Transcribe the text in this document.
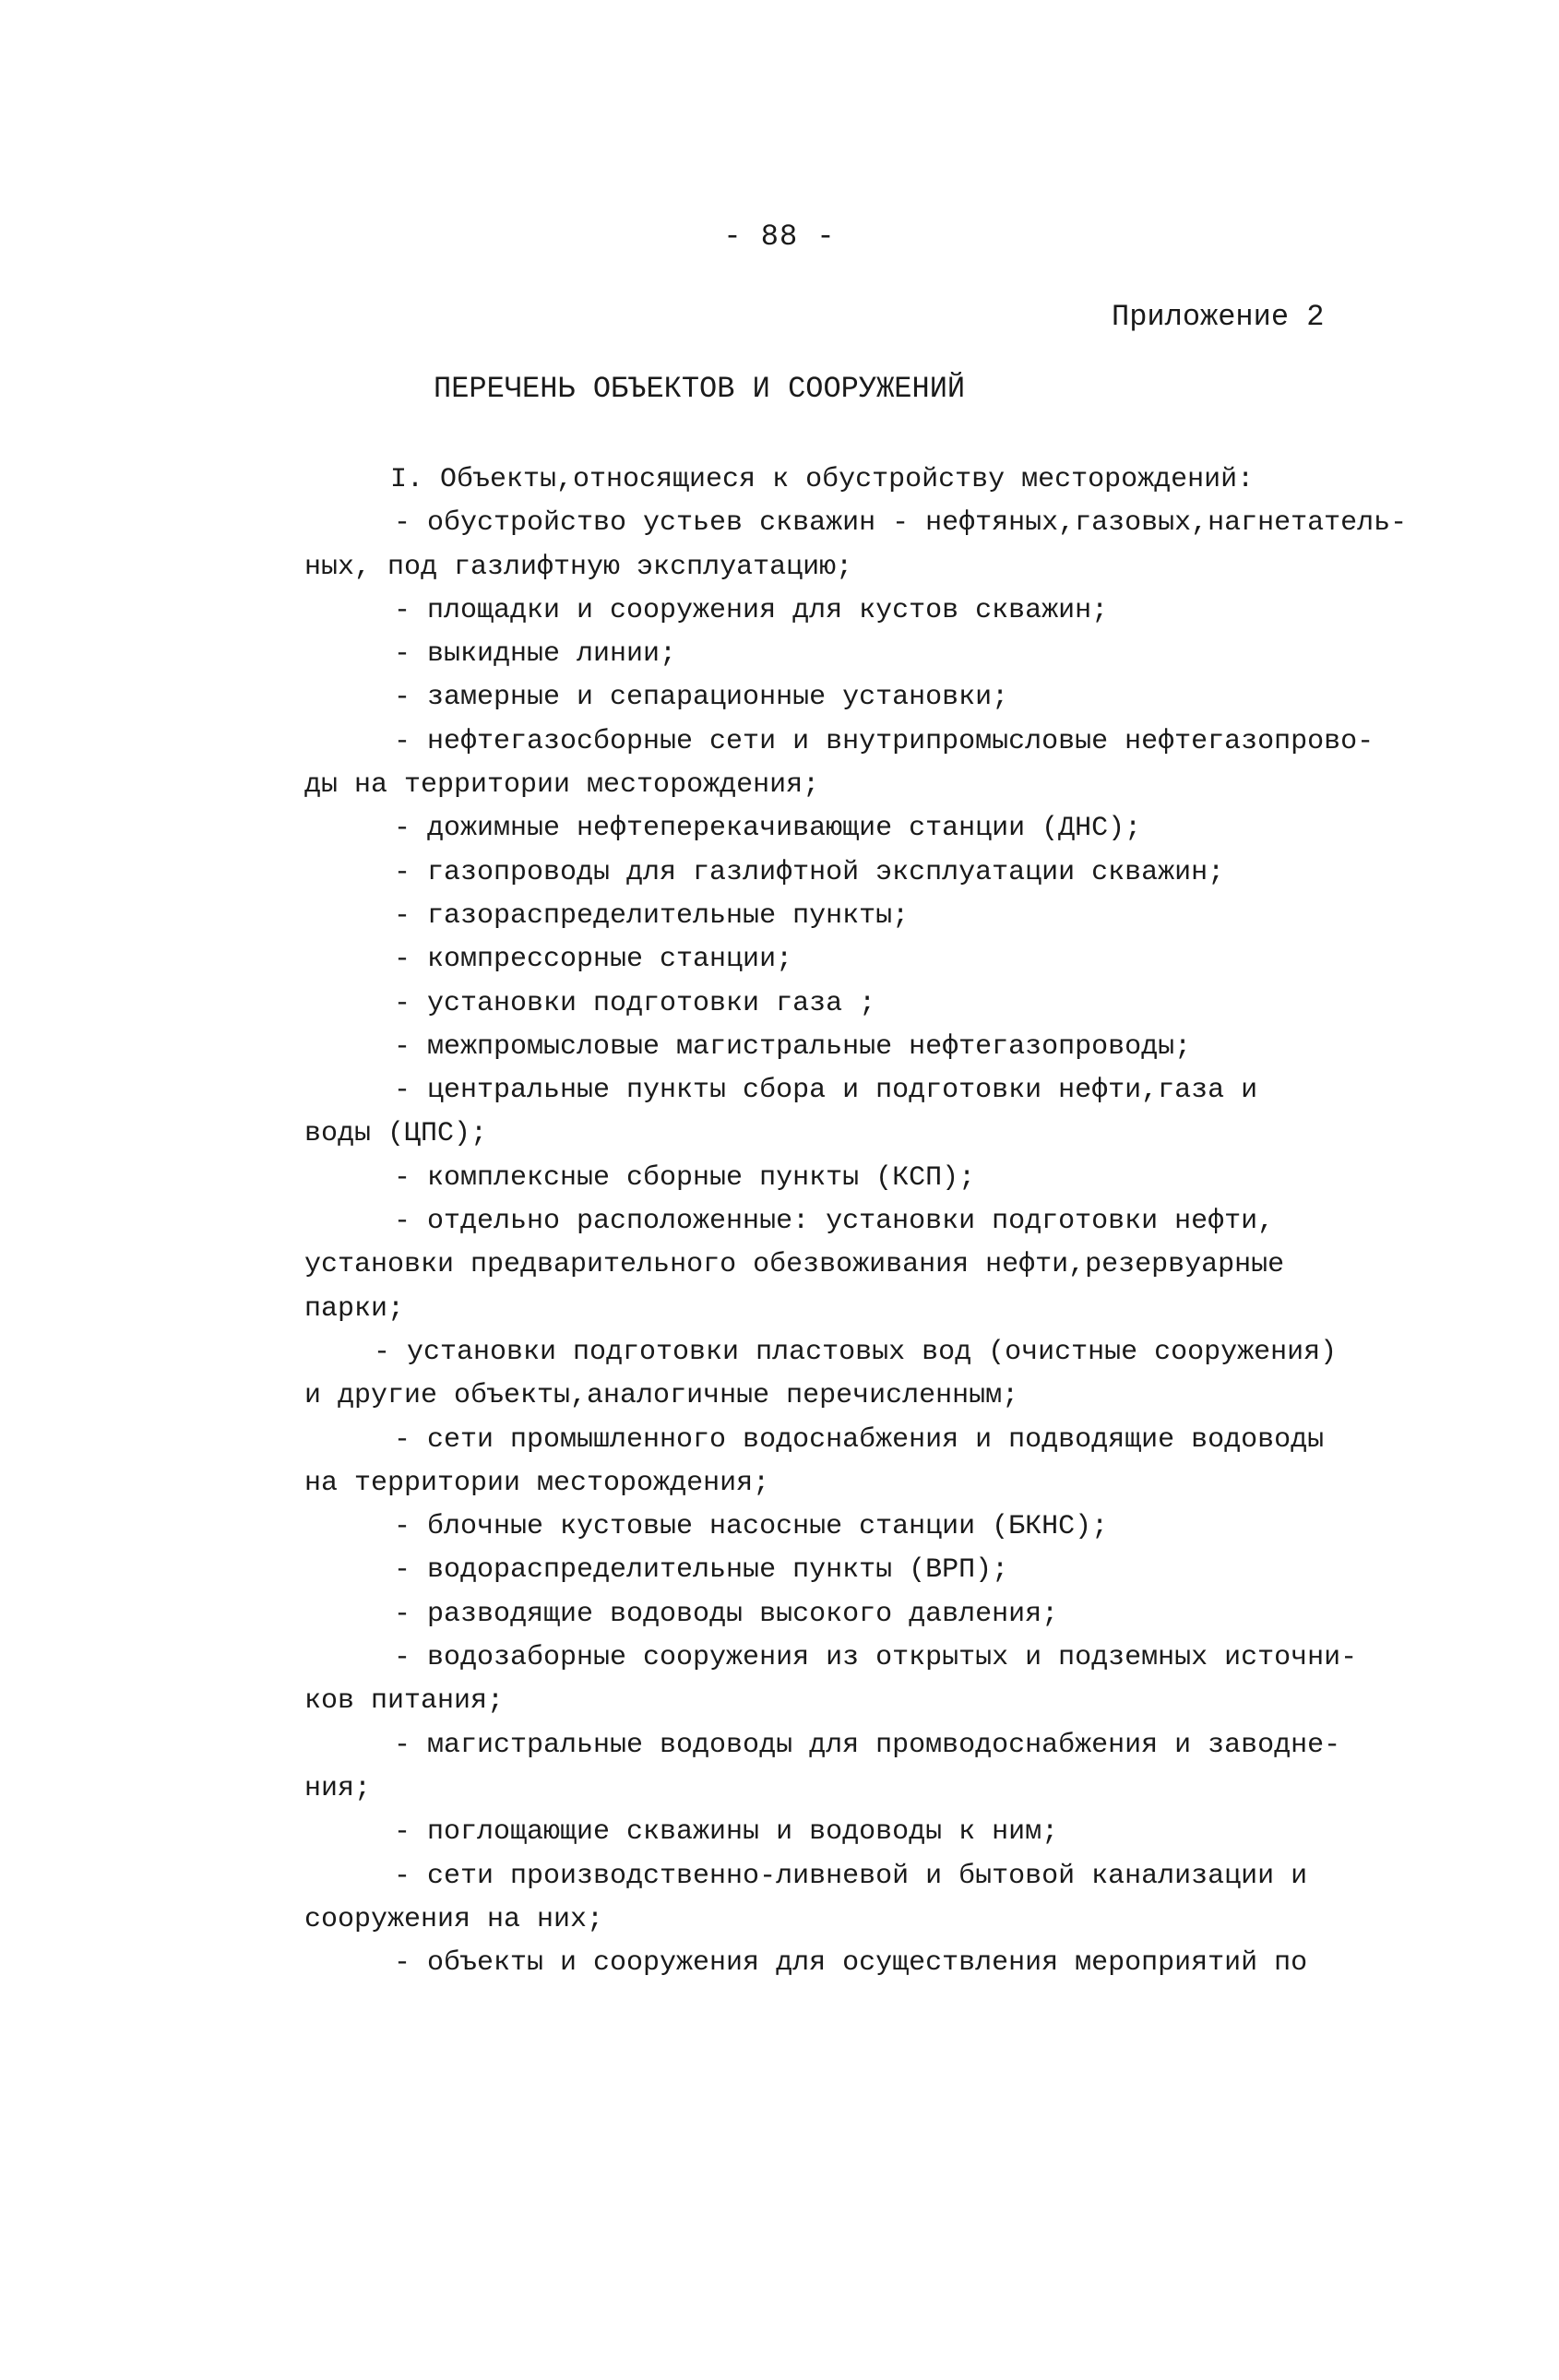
- 88 -
Приложение 2
ПЕРЕЧЕНЬ ОБЪЕКТОВ И СООРУЖЕНИЙ
I. Объекты,относящиеся к обустройству месторождений:
- обустройство устьев скважин - нефтяных,газовых,нагнетатель-
ных, под газлифтную эксплуатацию;
- площадки и сооружения для кустов скважин;
- выкидные линии;
- замерные и сепарационные установки;
- нефтегазосборные сети и внутрипромысловые нефтегазопрово-
ды на территории месторождения;
- дожимные нефтеперекачивающие станции (ДНС);
- газопроводы для газлифтной эксплуатации скважин;
- газораспределительные пункты;
- компрессорные станции;
- установки подготовки газа ;
- межпромысловые магистральные нефтегазопроводы;
- центральные пункты сбора и подготовки нефти,газа и
воды (ЦПС);
- комплексные сборные пункты (КСП);
- отдельно расположенные: установки подготовки нефти,
установки предварительного обезвоживания нефти,резервуарные
парки;
- установки подготовки пластовых вод (очистные сооружения)
и другие объекты,аналогичные перечисленным;
- сети промышленного водоснабжения и подводящие водоводы
на территории месторождения;
- блочные кустовые насосные станции (БКНС);
- водораспределительные пункты (ВРП);
- разводящие водоводы высокого давления;
- водозаборные сооружения из открытых и подземных источни-
ков питания;
- магистральные водоводы для промводоснабжения и заводне-
ния;
- поглощающие скважины и водоводы к ним;
- сети производственно-ливневой и бытовой канализации и
сооружения на них;
- объекты и сооружения для осуществления мероприятий по
